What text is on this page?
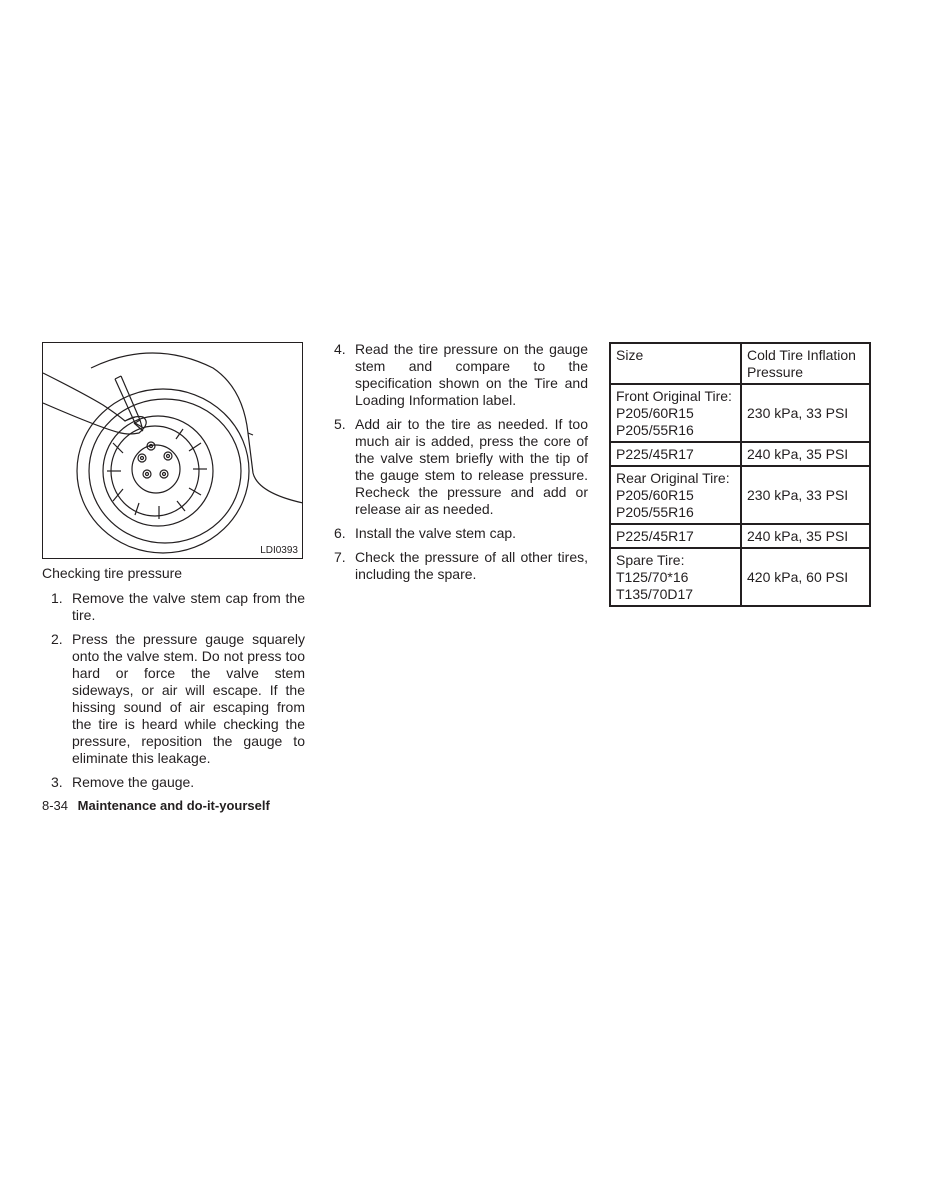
LDI0393
Checking tire pressure
1. Remove the valve stem cap from the tire.
2. Press the pressure gauge squarely onto the valve stem. Do not press too hard or force the valve stem sideways, or air will escape. If the hissing sound of air escaping from the tire is heard while checking the pressure, reposition the gauge to eliminate this leakage.
3. Remove the gauge.
4. Read the tire pressure on the gauge stem and compare to the specification shown on the Tire and Loading Information label.
5. Add air to the tire as needed. If too much air is added, press the core of the valve stem briefly with the tip of the gauge stem to release pressure. Recheck the pressure and add or release air as needed.
6. Install the valve stem cap.
7. Check the pressure of all other tires, including the spare.
Size	Cold Tire Inflation Pressure

Front Original Tire:
P205/60R15
P205/55R16	230 kPa, 33 PSI

P225/45R17	240 kPa, 35 PSI

Rear Original Tire:
P205/60R15
P205/55R16	230 kPa, 33 PSI

P225/45R17	240 kPa, 35 PSI

Spare Tire:
T125/70*16
T135/70D17	420 kPa, 60 PSI
8-34 Maintenance and do-it-yourself
